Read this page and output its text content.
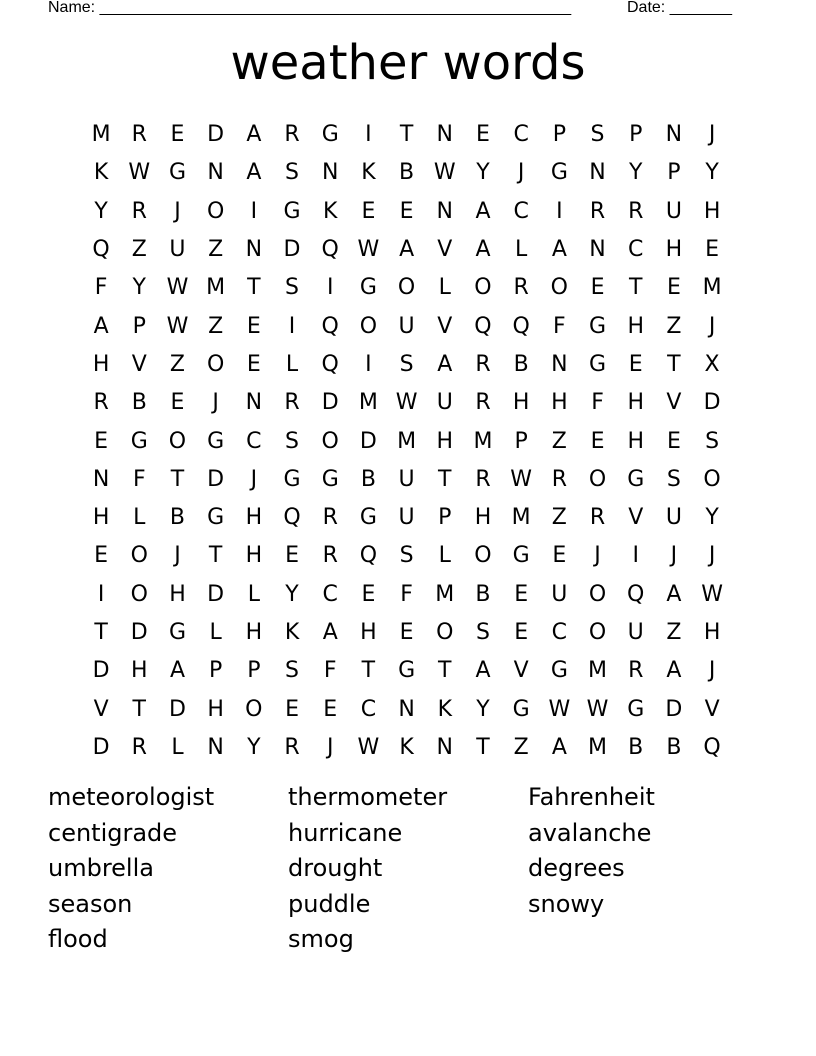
Name: _____________________________________________________	Date: _______
weather words
M R	E	D	A	R	G	I	T	N	E	C	P	S	P	N	J
K W G N	A	S	N	K	B W Y	J	G N	Y	P	Y
Y	R	J	O	I	G	K	E	E	N	A	C	I	R	R	U H
Q Z	U	Z	N D Q W A	V	A	L	A	N	C	H	E
F	Y W M T	S	I	G O	L	O R O	E	T	E M
A	P W Z	E	I	Q O U	V Q Q	F	G H	Z	J
H	V	Z O	E	L	Q	I	S	A	R	B	N G	E	T	X
R	B	E	J	N	R	D M W U	R	H H	F	H	V	D
E	G O G C	S	O D M H M	P	Z	E	H	E	S
N	F	T	D	J	G G	B	U	T	R W R O G	S	O
H	L	B	G H Q R	G U	P	H M Z	R	V	U	Y
E	O	J	T	H	E	R Q	S	L	O G	E	J	I	J	J
I	O H D	L	Y	C	E	F	M B	E	U O Q	A W
T	D G	L	H	K	A	H	E	O	S	E	C O U	Z	H
D H	A	P	P	S	F	T	G	T	A	V	G M R	A	J
V	T	D H O	E	E	C	N	K	Y	G W W G D	V
D	R	L	N	Y	R	J	W K	N	T	Z	A M B	B Q
meteorologist	thermometer	Fahrenheit
centigrade	hurricane	avalanche
umbrella	drought	degrees
season	puddle	snowy
flood	smog
